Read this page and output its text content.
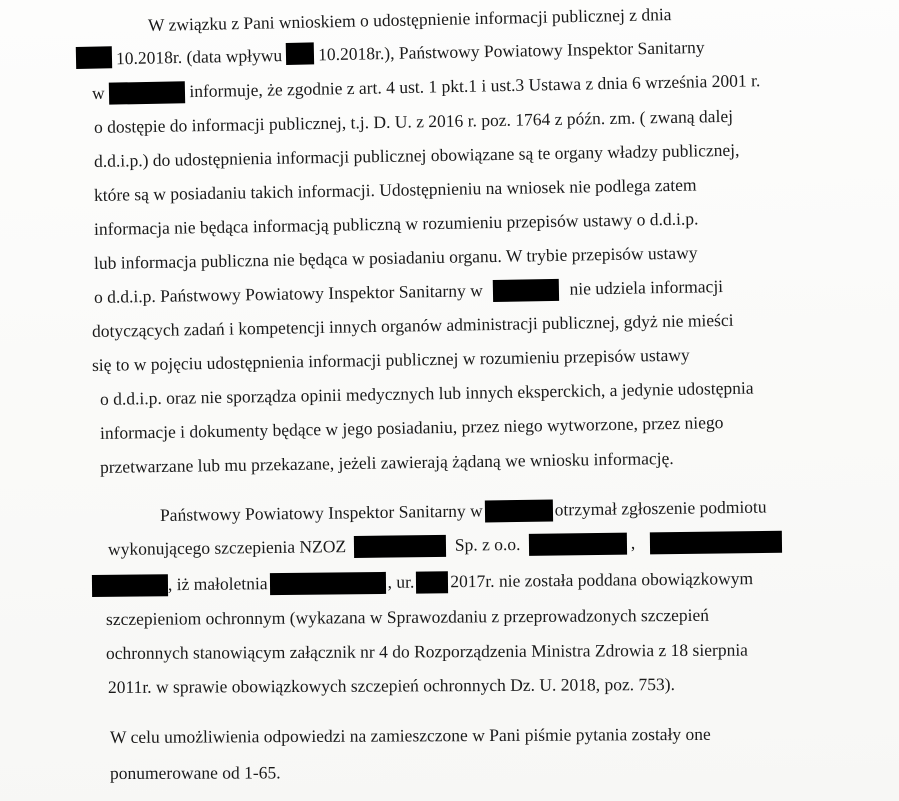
W związku z Pani wnioskiem o udostępnienie informacji publicznej z dnia
10.2018r. (data wpływu 10.2018r.), Państwowy Powiatowy Inspektor Sanitarny
w	informuje, że zgodnie z art. 4 ust. 1 pkt.1 i ust.3 Ustawa z dnia 6 września 2001 r.
o dostępie do informacji publicznej, t.j. D. U. z 2016 r. poz. 1764 z późn. zm. ( zwaną dalej
d.d.i.p.) do udostępnienia informacji publicznej obowiązane są te organy władzy publicznej,
które są w posiadaniu takich informacji. Udostępnieniu na wniosek nie podlega zatem
informacja nie będąca informacją publiczną w rozumieniu przepisów ustawy o d.d.i.p.
lub informacja publiczna nie będąca w posiadaniu organu. W trybie przepisów ustawy
o d.d.i.p. Państwowy Powiatowy Inspektor Sanitarny w	nie udziela informacji
dotyczących zadań i kompetencji innych organów administracji publicznej, gdyż nie mieści
się to w pojęciu udostępnienia informacji publicznej w rozumieniu przepisów ustawy
o d.d.i.p. oraz nie sporządza opinii medycznych lub innych eksperckich, a jedynie udostępnia
informacje i dokumenty będące w jego posiadaniu, przez niego wytworzone, przez niego
przetwarzane lub mu przekazane, jeżeli zawierają żądaną we wniosku informację.
Państwowy Powiatowy Inspektor Sanitarny w	otrzymał zgłoszenie podmiotu
wykonującego szczepienia NZOZ	Sp. z o.o.	,
, iż małoletnia	, ur. 2017r. nie została poddana obowiązkowym
szczepieniom ochronnym (wykazana w Sprawozdaniu z przeprowadzonych szczepień
ochronnych stanowiącym załącznik nr 4 do Rozporządzenia Ministra Zdrowia z 18 sierpnia
2011r. w sprawie obowiązkowych szczepień ochronnych Dz. U. 2018, poz. 753).
W celu umożliwienia odpowiedzi na zamieszczone w Pani piśmie pytania zostały one
ponumerowane od 1-65.
